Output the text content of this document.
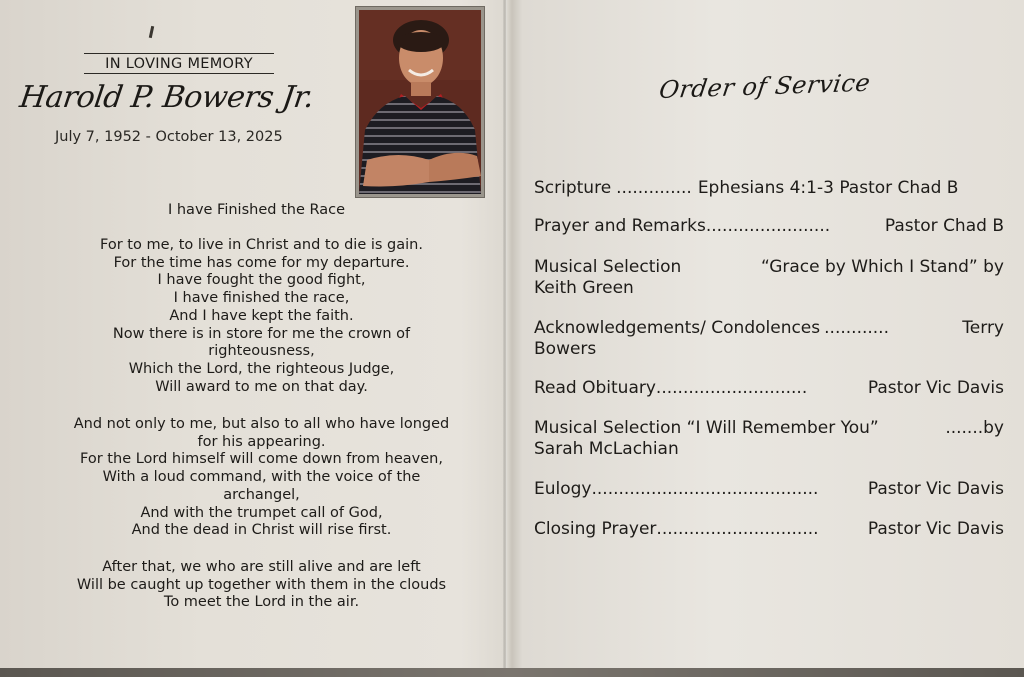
IN LOVING MEMORY
Harold P. Bowers Jr.
July 7, 1952 - October 13, 2025
I have Finished the Race
For to me, to live in Christ and to die is gain.
For the time has come for my departure.
I have fought the good fight,
I have finished the race,
And I have kept the faith.
Now there is in store for me the crown of
righteousness,
Which the Lord, the righteous Judge,
Will award to me on that day.
And not only to me, but also to all who have longed
for his appearing.
For the Lord himself will come down from heaven,
With a loud command, with the voice of the
archangel,
And with the trumpet call of God,
And the dead in Christ will rise first.
After that, we who are still alive and are left
Will be caught up together with them in the clouds
To meet the Lord in the air.
Order of Service
Scripture .............. Ephesians 4:1-3 Pastor Chad B
Prayer and Remarks .......................	Pastor Chad B
Musical Selection	“Grace by Which I Stand” by
Keith Green
Acknowledgements/ Condolences ............	Terry
Bowers
Read Obituary ............................	Pastor Vic Davis
Musical Selection “I Will Remember You”	....... by
Sarah McLachian
Eulogy ..........................................	Pastor Vic Davis
Closing Prayer ..............................	Pastor Vic Davis
